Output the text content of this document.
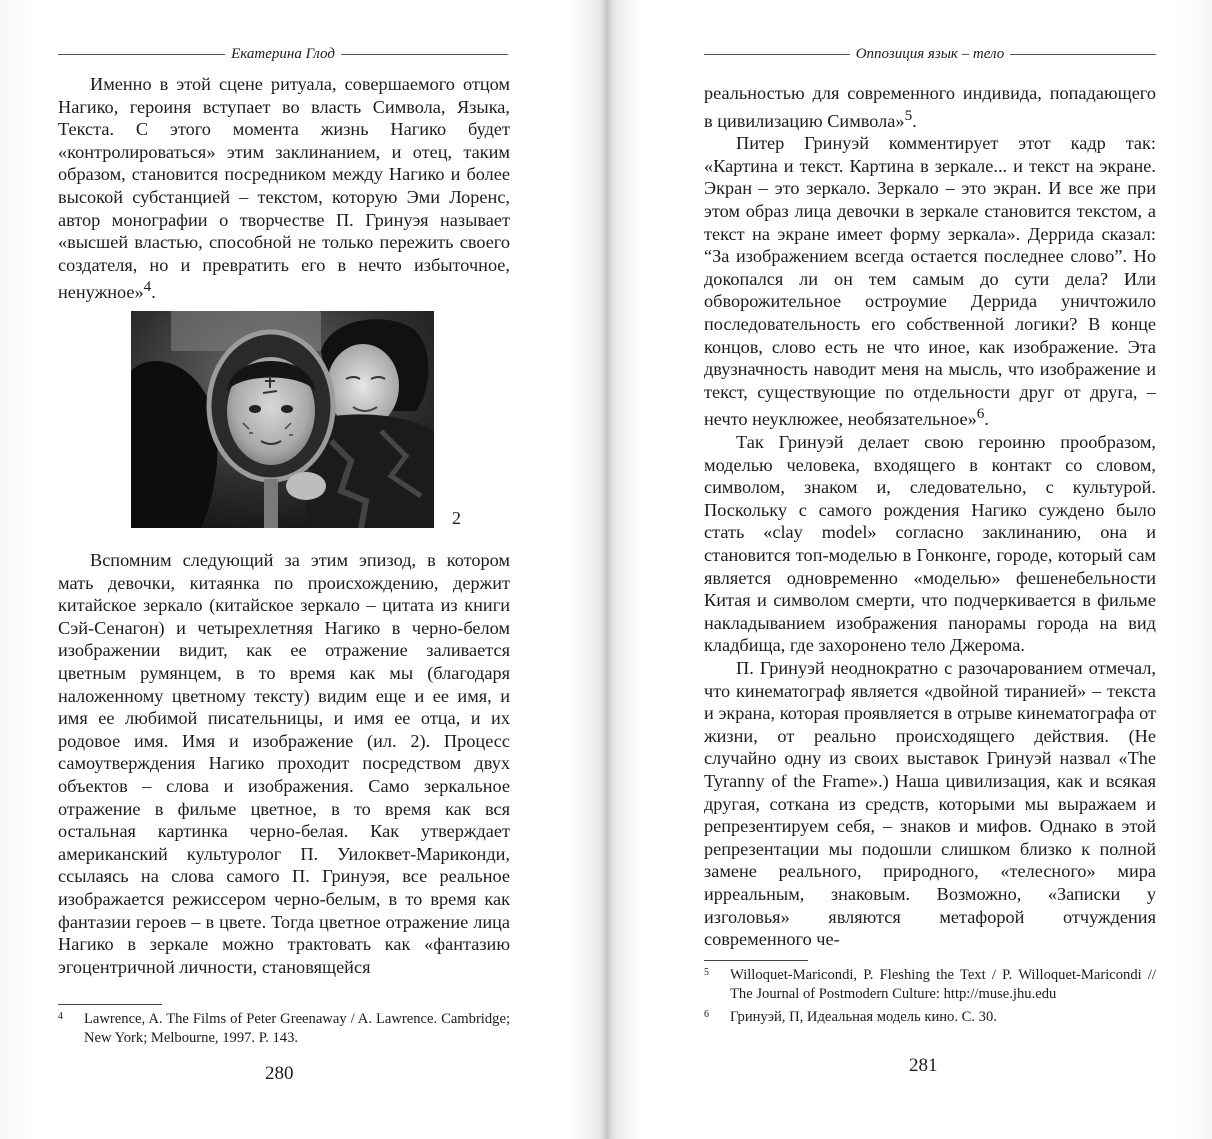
Екатерина Глод

Именно в этой сцене ритуала, совершаемого отцом Нагико, героиня вступает во власть Символа, Языка, Текста. С этого момента жизнь Нагико будет «контролироваться» этим заклинанием, и отец, таким образом, становится посредником между Нагико и более высокой субстанцией – текстом, которую Эми Лоренс, автор монографии о творчестве П. Гринуэя называет «высшей властью, способной не только пережить своего создателя, но и превратить его в нечто избыточное, ненужное»$^4$.

2

Вспомним следующий за этим эпизод, в котором мать девочки, китаянка по происхождению, держит китайское зеркало (китайское зеркало – цитата из книги Сэй-Сенагон) и четырехлетняя Нагико в черно-белом изображении видит, как ее отражение заливается цветным румянцем, в то время как мы (благодаря наложенному цветному тексту) видим еще и ее имя, и имя ее любимой писательницы, и имя ее отца, и их родовое имя. Имя и изображение (ил. 2). Процесс самоутверждения Нагико проходит посредством двух объектов – слова и изображения. Само зеркальное отражение в фильме цветное, в то время как вся остальная картинка черно-белая. Как утверждает американский культуролог П. Уилоквет-Мариконди, ссылаясь на слова самого П. Гринуэя, все реальное изображается режиссером черно-белым, в то время как фантазии героев – в цвете. Тогда цветное отражение лица Нагико в зеркале можно трактовать как «фантазию эгоцентричной личности, становящейся

4 Lawrence, A. The Films of Peter Greenaway / A. Lawrence. Cambridge; New York; Melbourne, 1997. P. 143.
280
Оппозиция язык – тело

реальностью для современного индивида, попадающего в цивилизацию Символа»$^5$.

Питер Гринуэй комментирует этот кадр так: «Картина и текст. Картина в зеркале... и текст на экране. Экран – это зеркало. Зеркало – это экран. И все же при этом образ лица девочки в зеркале становится текстом, а текст на экране имеет форму зеркала». Деррида сказал: “За изображением всегда остается последнее слово”. Но докопался ли он тем самым до сути дела? Или обворожительное остроумие Деррида уничтожило последовательность его собственной логики? В конце концов, слово есть не что иное, как изображение. Эта двузначность наводит меня на мысль, что изображение и текст, существующие по отдельности друг от друга, – нечто неуклюжее, необязательное»$^6$.

Так Гринуэй делает свою героиню прообразом, моделью человека, входящего в контакт со словом, символом, знаком и, следовательно, с культурой. Поскольку с самого рождения Нагико суждено было стать «clay model» согласно заклинанию, она и становится топ-моделью в Гонконге, городе, который сам является одновременно «моделью» фешенебельности Китая и символом смерти, что подчеркивается в фильме накладыванием изображения панорамы города на вид кладбища, где захоронено тело Джерома.

П. Гринуэй неоднократно с разочарованием отмечал, что кинематограф является «двойной тиранией» – текста и экрана, которая проявляется в отрыве кинематографа от жизни, от реально происходящего действия. (Не случайно одну из своих выставок Гринуэй назвал «The Tyranny of the Frame».) Наша цивилизация, как и всякая другая, соткана из средств, которыми мы выражаем и репрезентируем себя, – знаков и мифов. Однако в этой репрезентации мы подошли слишком близко к полной замене реального, природного, «телесного» мира ирреальным, знаковым. Возможно, «Записки у изголовья» являются метафорой отчуждения современного че-

5 Willoquet-Maricondi, P. Fleshing the Text / P. Willoquet-Maricondi // The Journal of Postmodern Culture: http://muse.jhu.edu
6 Гринуэй, П, Идеальная модель кино. С. 30.
281
